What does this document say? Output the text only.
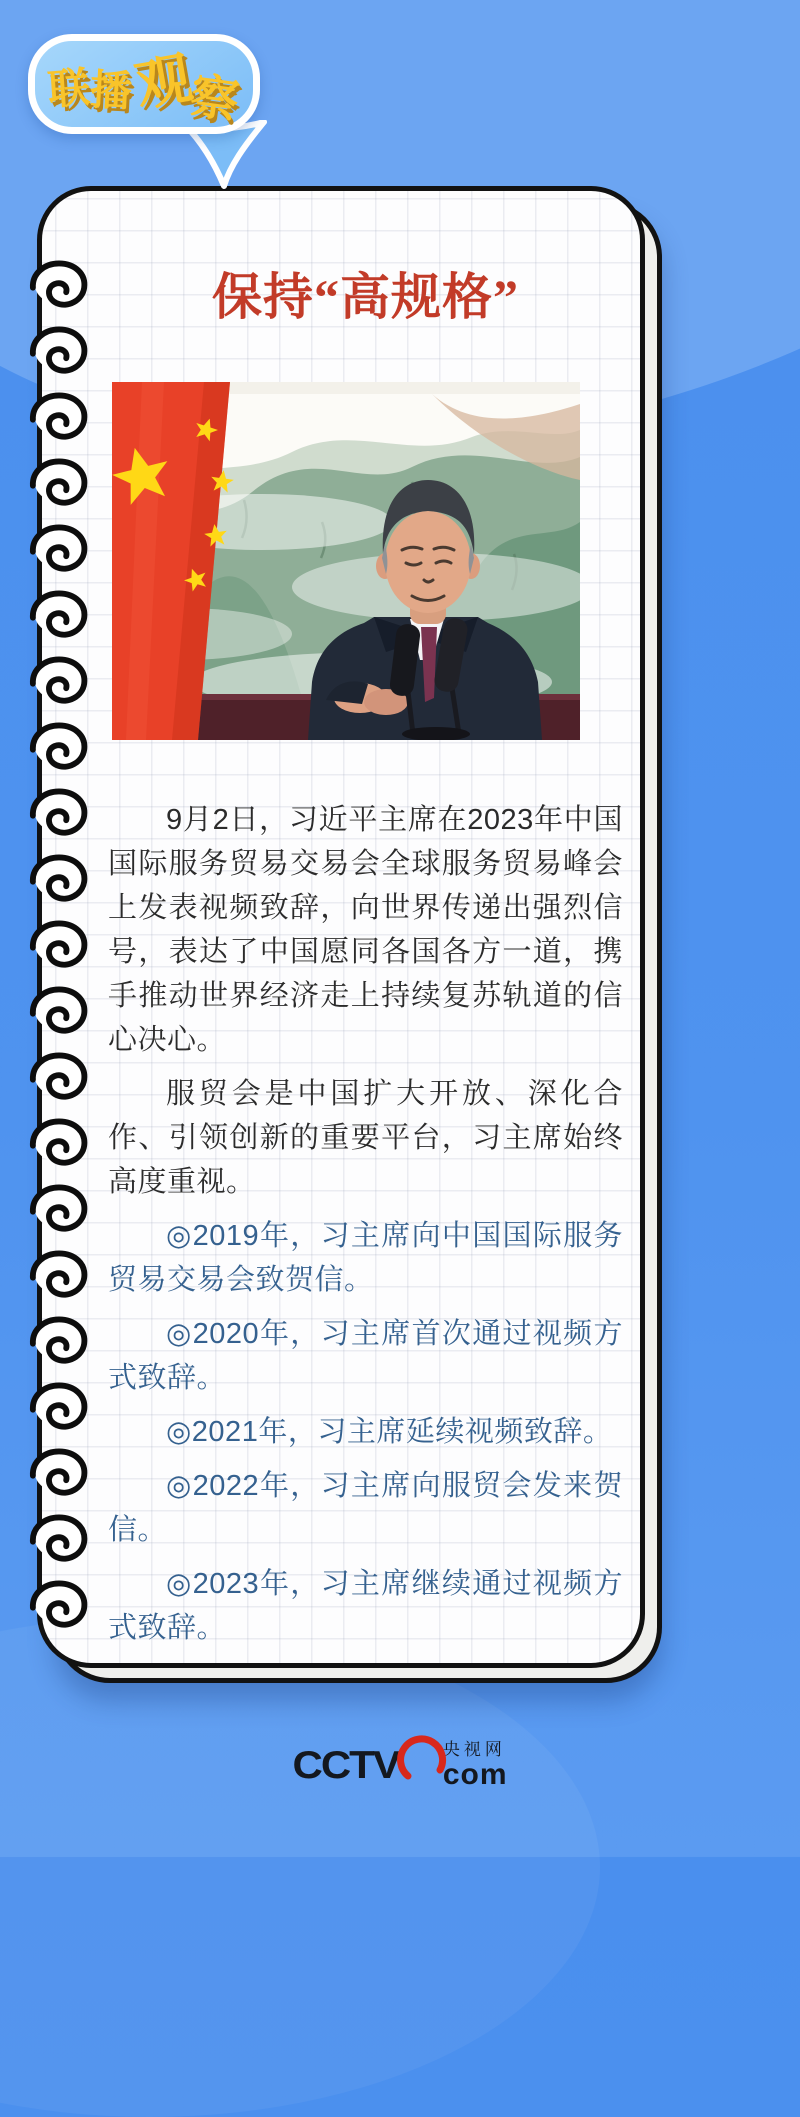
联播观察
保持“高规格”

9月2日，习近平主席在2023年中国国际服务贸易交易会全球服务贸易峰会上发表视频致辞，向世界传递出强烈信号，表达了中国愿同各国各方一道，携手推动世界经济走上持续复苏轨道的信心决心。

服贸会是中国扩大开放、深化合作、引领创新的重要平台，习主席始终高度重视。

◎2019年，习主席向中国国际服务贸易交易会致贺信。

◎2020年，习主席首次通过视频方式致辞。

◎2021年，习主席延续视频致辞。

◎2022年，习主席向服贸会发来贺信。

◎2023年，习主席继续通过视频方式致辞。

CCTV	央视网
com
